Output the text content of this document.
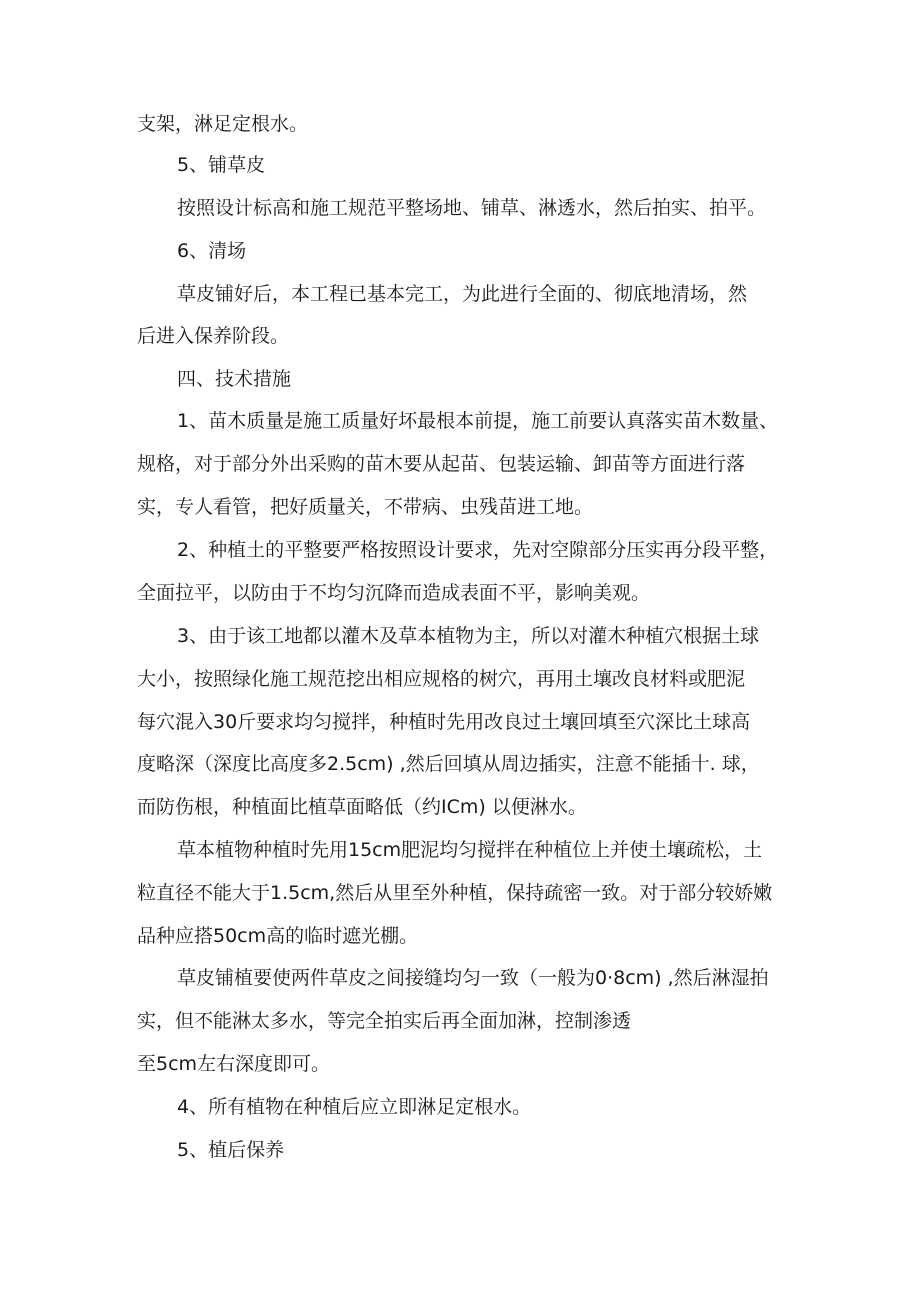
支架，淋足定根水。
5、铺草皮
按照设计标高和施工规范平整场地、铺草、淋透水，然后拍实、拍平。
6、清场
草皮铺好后，本工程已基本完工，为此进行全面的、彻底地清场，然
后进入保养阶段。
四、技术措施
1、苗木质量是施工质量好坏最根本前提，施工前要认真落实苗木数量、
规格，对于部分外出采购的苗木要从起苗、包装运输、卸苗等方面进行落
实，专人看管，把好质量关，不带病、虫残苗进工地。
2、种植土的平整要严格按照设计要求，先对空隙部分压实再分段平整，
全面拉平，以防由于不均匀沉降而造成表面不平，影响美观。
3、由于该工地都以灌木及草本植物为主，所以对灌木种植穴根据土球
大小，按照绿化施工规范挖出相应规格的树穴，再用土壤改良材料或肥泥
每穴混入30斤要求均匀搅拌，种植时先用改良过土壤回填至穴深比土球高
度略深（深度比高度多2.5cm) ,然后回填从周边插实，注意不能插十. 球，
而防伤根，种植面比植草面略低（约ICm) 以便淋水。
草本植物种植时先用15cm肥泥均匀搅拌在种植位上并使土壤疏松，土
粒直径不能大于1.5cm,然后从里至外种植，保持疏密一致。对于部分较娇嫩
品种应搭50cm高的临时遮光棚。
草皮铺植要使两件草皮之间接缝均匀一致（一般为0·8cm) ,然后淋湿拍
实，但不能淋太多水，等完全拍实后再全面加淋，控制渗透
至5cm左右深度即可。
4、所有植物在种植后应立即淋足定根水。
5、植后保养
